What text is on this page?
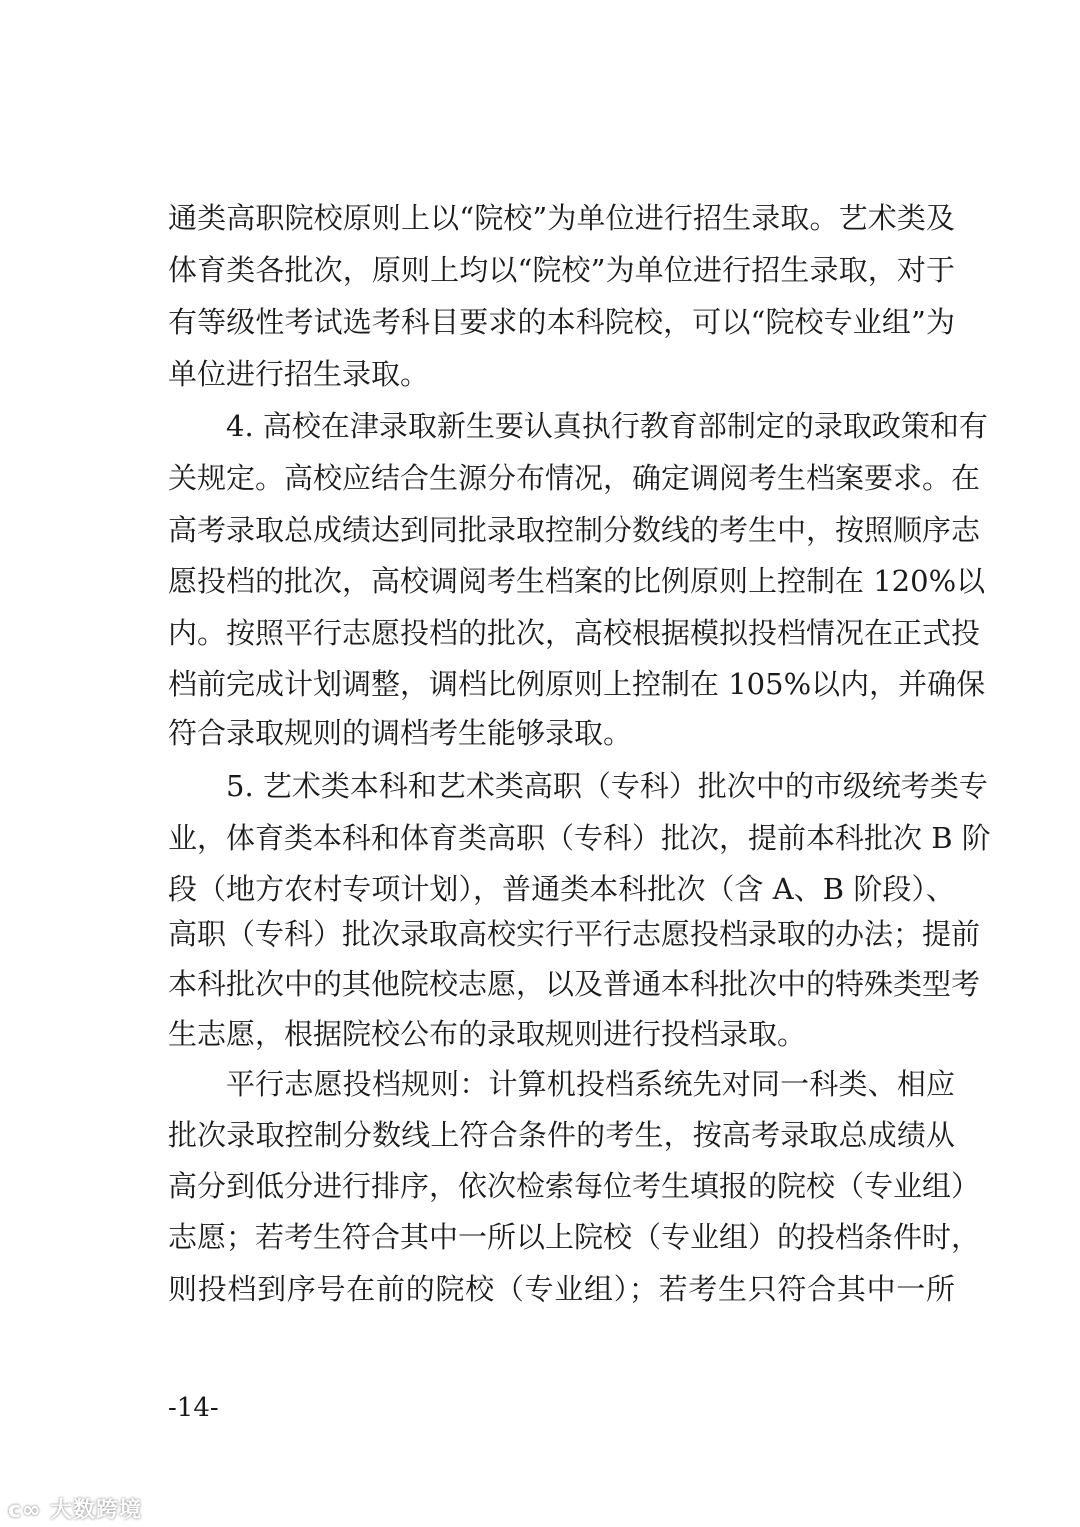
通类高职院校原则上以“院校”为单位进行招生录取。艺术类及
体育类各批次，原则上均以“院校”为单位进行招生录取，对于
有等级性考试选考科目要求的本科院校，可以“院校专业组”为
单位进行招生录取。
4. 高校在津录取新生要认真执行教育部制定的录取政策和有
关规定。高校应结合生源分布情况，确定调阅考生档案要求。在
高考录取总成绩达到同批录取控制分数线的考生中，按照顺序志
愿投档的批次，高校调阅考生档案的比例原则上控制在 120%以
内。按照平行志愿投档的批次，高校根据模拟投档情况在正式投
档前完成计划调整，调档比例原则上控制在 105%以内，并确保
符合录取规则的调档考生能够录取。
5. 艺术类本科和艺术类高职（专科）批次中的市级统考类专
业，体育类本科和体育类高职（专科）批次，提前本科批次 B 阶
段（地方农村专项计划），普通类本科批次（含 A、B 阶段）、
高职（专科）批次录取高校实行平行志愿投档录取的办法；提前
本科批次中的其他院校志愿，以及普通本科批次中的特殊类型考
生志愿，根据院校公布的录取规则进行投档录取。
平行志愿投档规则：计算机投档系统先对同一科类、相应
批次录取控制分数线上符合条件的考生，按高考录取总成绩从
高分到低分进行排序，依次检索每位考生填报的院校（专业组）
志愿；若考生符合其中一所以上院校（专业组）的投档条件时，
则投档到序号在前的院校（专业组）；若考生只符合其中一所
-14-
ᴄ∞ 大数跨境
